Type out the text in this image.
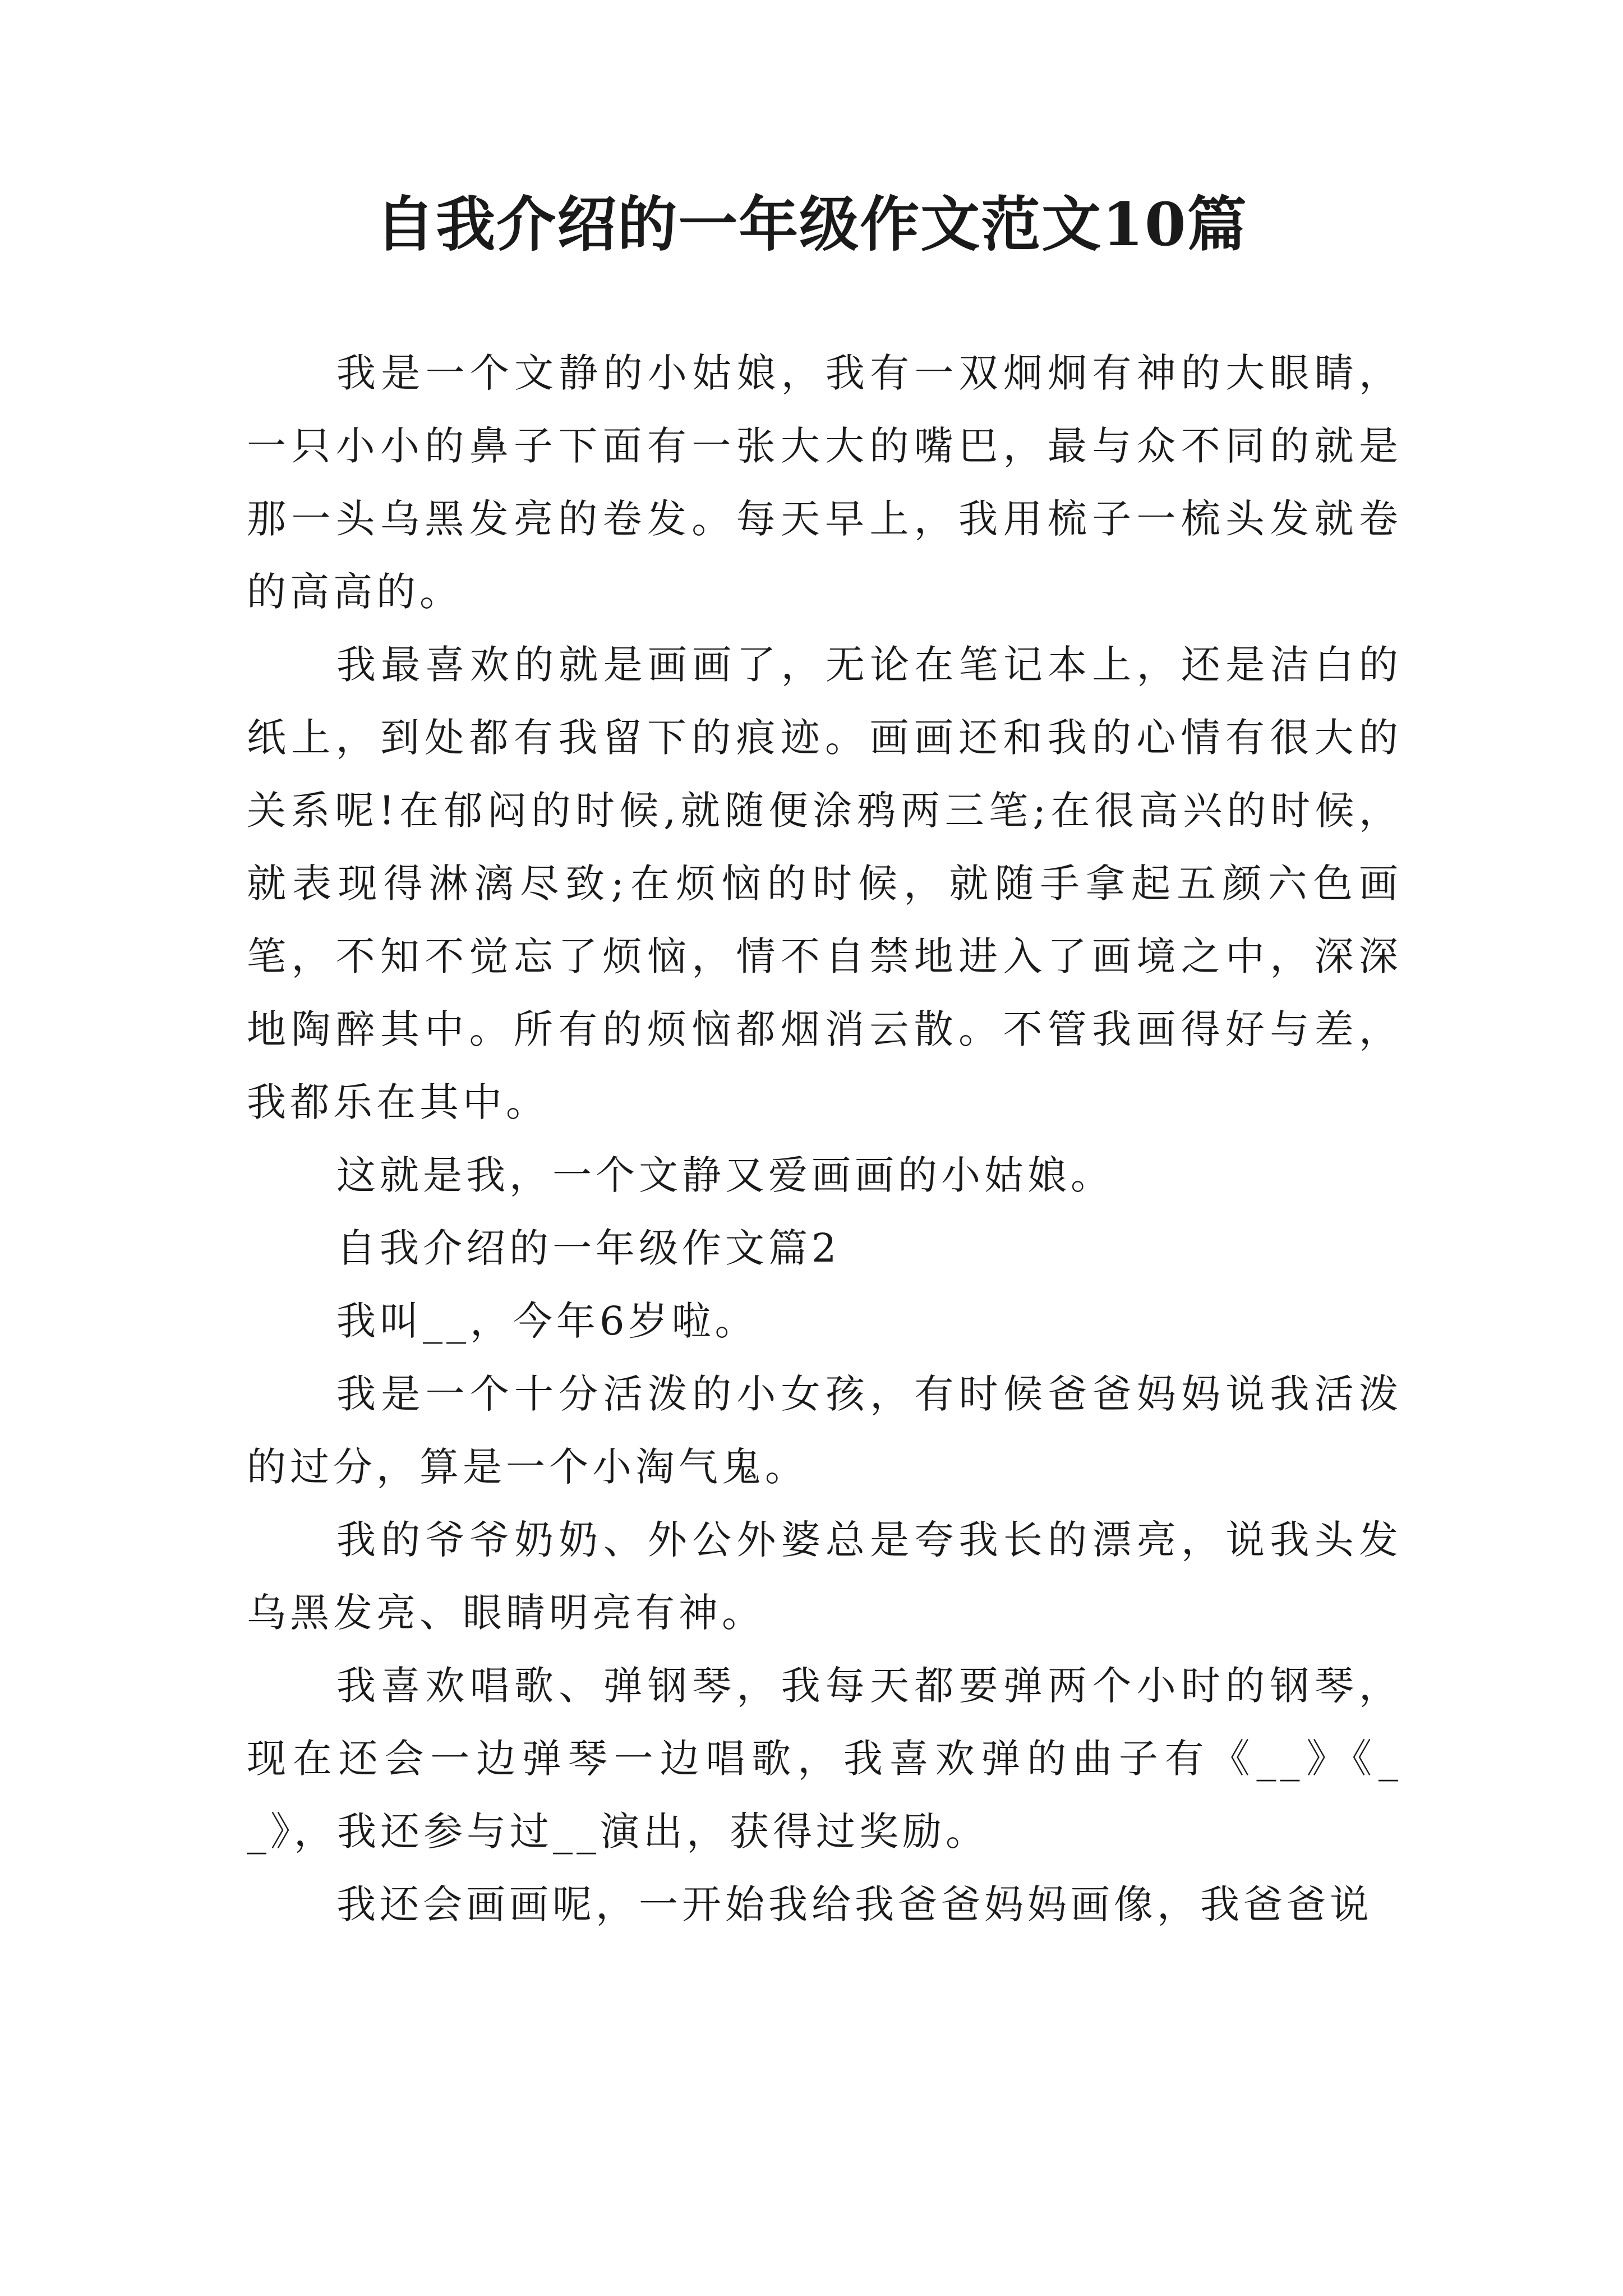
自我介绍的一年级作文范文10篇

我是一个文静的小姑娘，我有一双炯炯有神的大眼睛，一只小小的鼻子下面有一张大大的嘴巴，最与众不同的就是那一头乌黑发亮的卷发。每天早上，我用梳子一梳头发就卷的高高的。

我最喜欢的就是画画了，无论在笔记本上，还是洁白的纸上，到处都有我留下的痕迹。画画还和我的心情有很大的关系呢!在郁闷的时候,就随便涂鸦两三笔;在很高兴的时候，就表现得淋漓尽致;在烦恼的时候，就随手拿起五颜六色画笔，不知不觉忘了烦恼，情不自禁地进入了画境之中，深深地陶醉其中。所有的烦恼都烟消云散。不管我画得好与差，我都乐在其中。

这就是我，一个文静又爱画画的小姑娘。

自我介绍的一年级作文篇2

我叫__，今年6岁啦。

我是一个十分活泼的小女孩，有时候爸爸妈妈说我活泼的过分，算是一个小淘气鬼。

我的爷爷奶奶、外公外婆总是夸我长的漂亮，说我头发乌黑发亮、眼睛明亮有神。

我喜欢唱歌、弹钢琴，我每天都要弹两个小时的钢琴，现在还会一边弹琴一边唱歌，我喜欢弹的曲子有《__》《__》，我还参与过__演出，获得过奖励。

我还会画画呢，一开始我给我爸爸妈妈画像，我爸爸说
